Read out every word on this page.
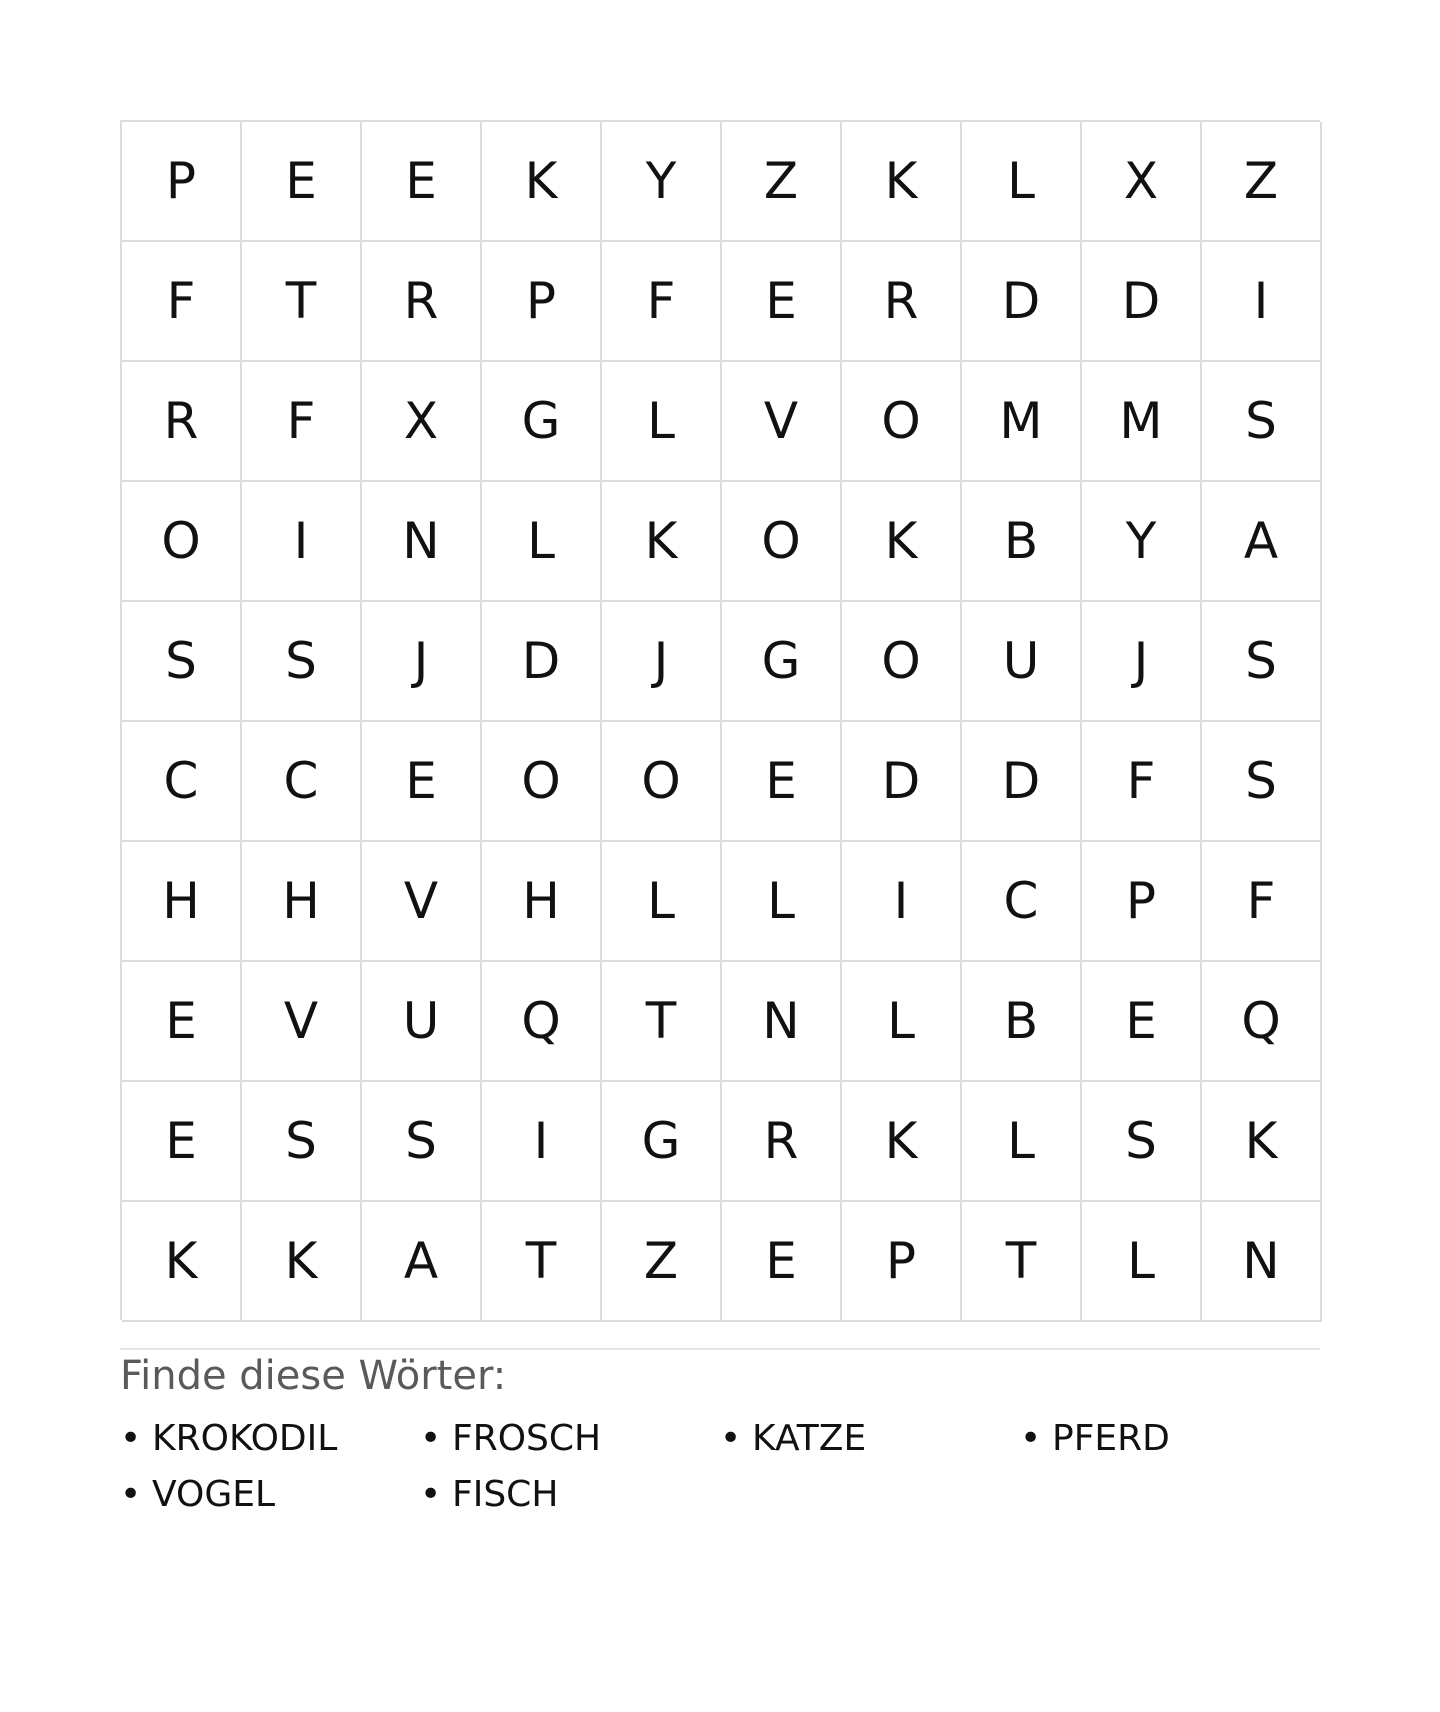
P	E	E	K	Y	Z	K	L	X	Z
F	T	R	P	F	E	R	D	D	I
R	F	X	G	L	V	O	M	M	S
O	I	N	L	K	O	K	B	Y	A
S	S	J	D	J	G	O	U	J	S
C	C	E	O	O	E	D	D	F	S
H	H	V	H	L	L	I	C	P	F
E	V	U	Q	T	N	L	B	E	Q
E	S	S	I	G	R	K	L	S	K
K	K	A	T	Z	E	P	T	L	N

Finde diese Wörter:

• KROKODIL • FROSCH	• KATZE	• PFERD
• VOGEL	• FISCH
